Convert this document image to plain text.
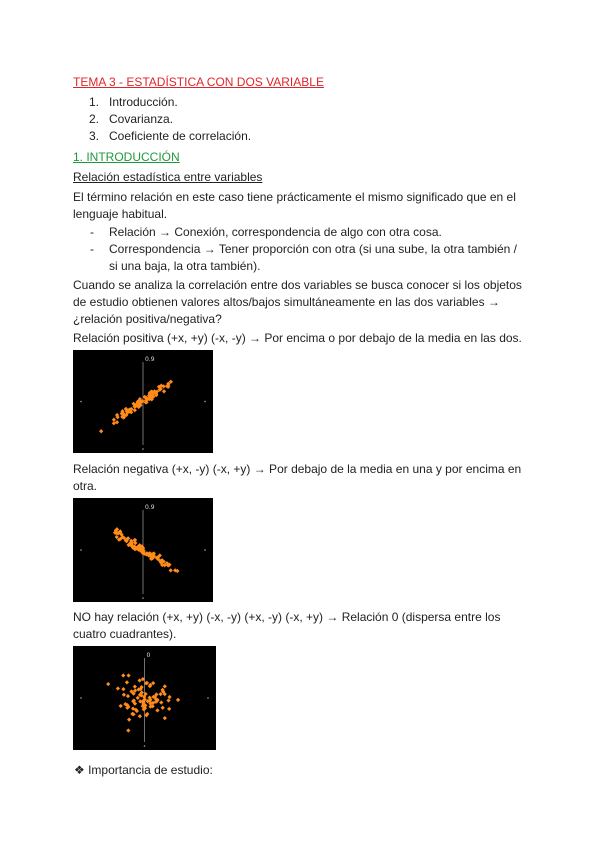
TEMA 3 - ESTADÍSTICA CON DOS VARIABLE
1. Introducción.
2. Covarianza.
3. Coeficiente de correlación.
1. INTRODUCCIÓN
Relación estadística entre variables
El término relación en este caso tiene prácticamente el mismo significado que en el
lenguaje habitual.
- Relación → Conexión, correspondencia de algo con otra cosa.
- Correspondencia → Tener proporción con otra (si una sube, la otra también /
si una baja, la otra también).
Cuando se analiza la correlación entre dos variables se busca conocer si los objetos
de estudio obtienen valores altos/bajos simultáneamente en las dos variables →
¿relación positiva/negativa?
Relación positiva (+x, +y) (-x, -y) → Por encima o por debajo de la media en las dos.
0.9
Relación negativa (+x, -y) (-x, +y) → Por debajo de la media en una y por encima en
otra.
0.9
NO hay relación (+x, +y) (-x, -y) (+x, -y) (-x, +y) → Relación 0 (dispersa entre los
cuatro cuadrantes).
0
❖ Importancia de estudio:
